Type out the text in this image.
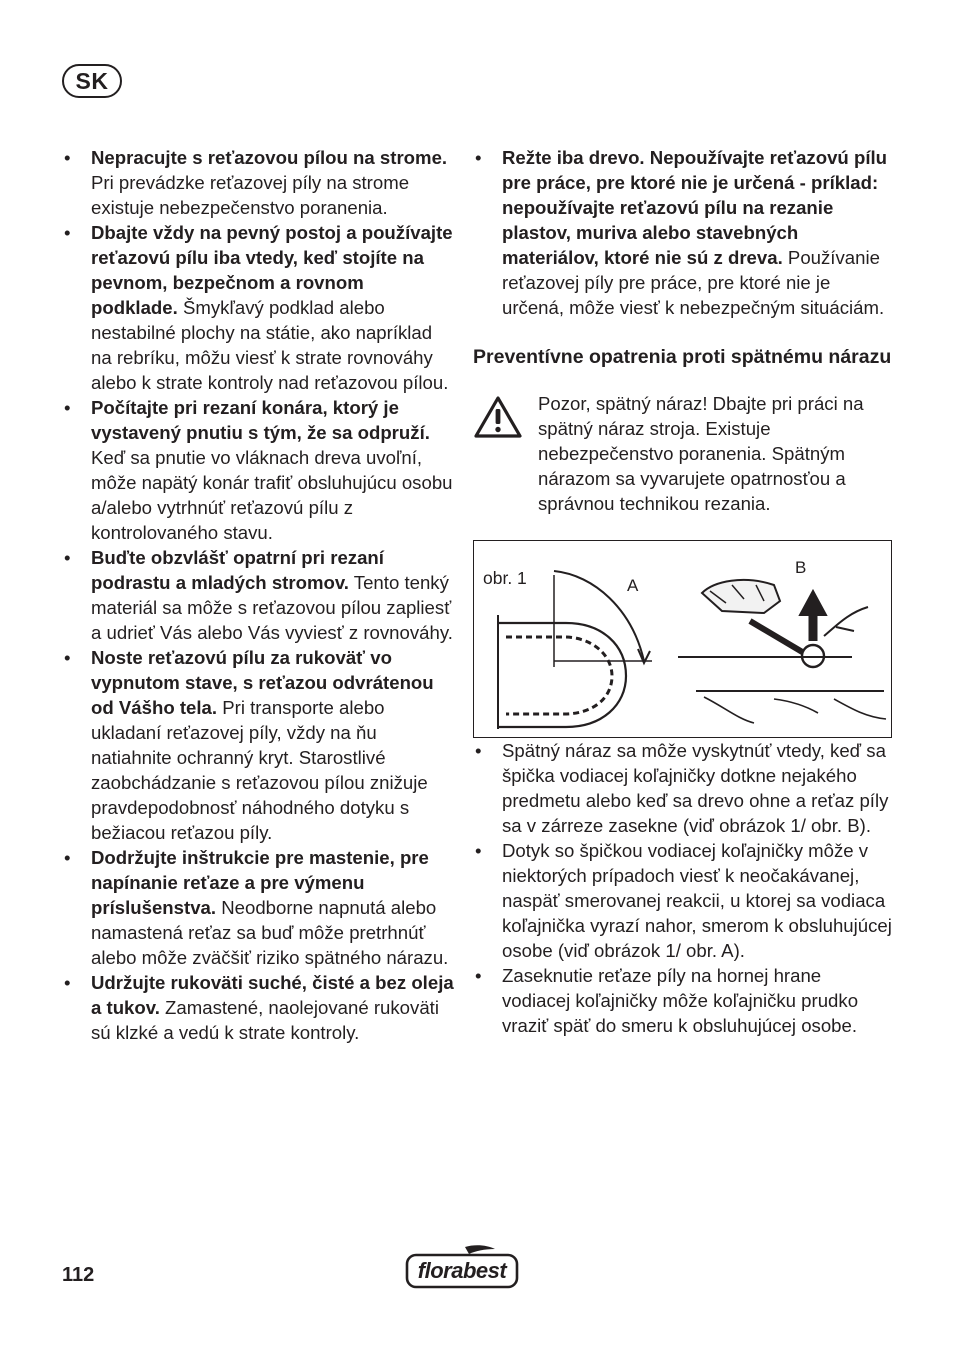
SK
• Nepracujte s reťazovou pílou na stromе. Pri prevádzke reťazovej píly na strome existuje nebezpečenstvo poranenia.
• Dbajte vždy na pevný postoj a používajte reťazovú pílu iba vtedy, keď stojíte na pevnom, bezpečnom a rovnom podklade. Šmykľavý podklad alebo nestabilné plochy na státie, ako napríklad na rebríku, môžu viesť k strate rovnováhy alebo k strate kontroly nad reťazovou pílou.
• Počítajte pri rezaní konára, ktorý je vystavený pnutiu s tým, že sa odpruží. Keď sa pnutie vo vláknach dreva uvoľní, môže napätý konár trafiť obsluhujúcu osobu a/alebo vytrhnúť reťazovú pílu z kontrolovaného stavu.
• Buďte obzvlášť opatrní pri rezaní podrastu a mladých stromov. Tento tenký materiál sa môže s reťazovou pílou zapliesť a udrieť Vás alebo Vás vyviesť z rovnováhy.
• Noste reťazovú pílu za rukoväť vo vypnutom stave, s reťazou odvrátenou od Vášho tela. Pri transporte alebo ukladaní reťazovej píly, vždy na ňu natiahnite ochranný kryt. Starostlivé zaobchádzanie s reťazovou pílou znižuje pravdepodobnosť náhodného dotyku s bežiacou reťazou píly.
• Dodržujte inštrukcie pre mastenie, pre napínanie reťaze a pre výmenu príslušenstva. Neodborne napnutá alebo namastená reťaz sa buď môže pretrhnúť alebo môže zväčšiť riziko spätného nárazu.
• Udržujte rukoväti suché, čisté a bez oleja a tukov. Zamastené, naolejované rukoväti sú klzké a vedú k strate kontroly.
• Režte iba drevo. Nepoužívajte reťazovú pílu pre práce, pre ktoré nie je určená - príklad: nepoužívajte reťazovú pílu na rezanie plastov, muriva alebo stavebných materiálov, ktoré nie sú z dreva. Používanie reťazovej píly pre práce, pre ktoré nie je určená, môže viesť k nebezpečným situáciám.
Preventívne opatrenia proti spätnému nárazu
Pozor, spätný náraz! Dbajte pri práci na spätný náraz stroja. Existuje nebezpečenstvo poranenia. Spätným nárazom sa vyvarujete opatrnosťou a správnou technikou rezania.
obr. 1	A
B
• Spätný náraz sa môže vyskytnúť vtedy, keď sa špička vodiacej koľajničky dotkne nejakého predmetu alebo keď sa drevo ohne a reťaz píly sa v zárreze zasekne (viď obrázok 1/ obr. B).
• Dotyk so špičkou vodiacej koľajničky môže v niektorých prípadoch viesť k neočakávanej, naspäť smerovanej reakcii, u ktorej sa vodiaca koľajnička vyrazí nahor, smerom k obsluhujúcej osobe (viď obrázok 1/ obr. A).
• Zaseknutie reťaze píly na hornej hrane vodiacej koľajničky môže koľajničku prudko vraziť späť do smeru k obsluhujúcej osobe.
112	florabest
